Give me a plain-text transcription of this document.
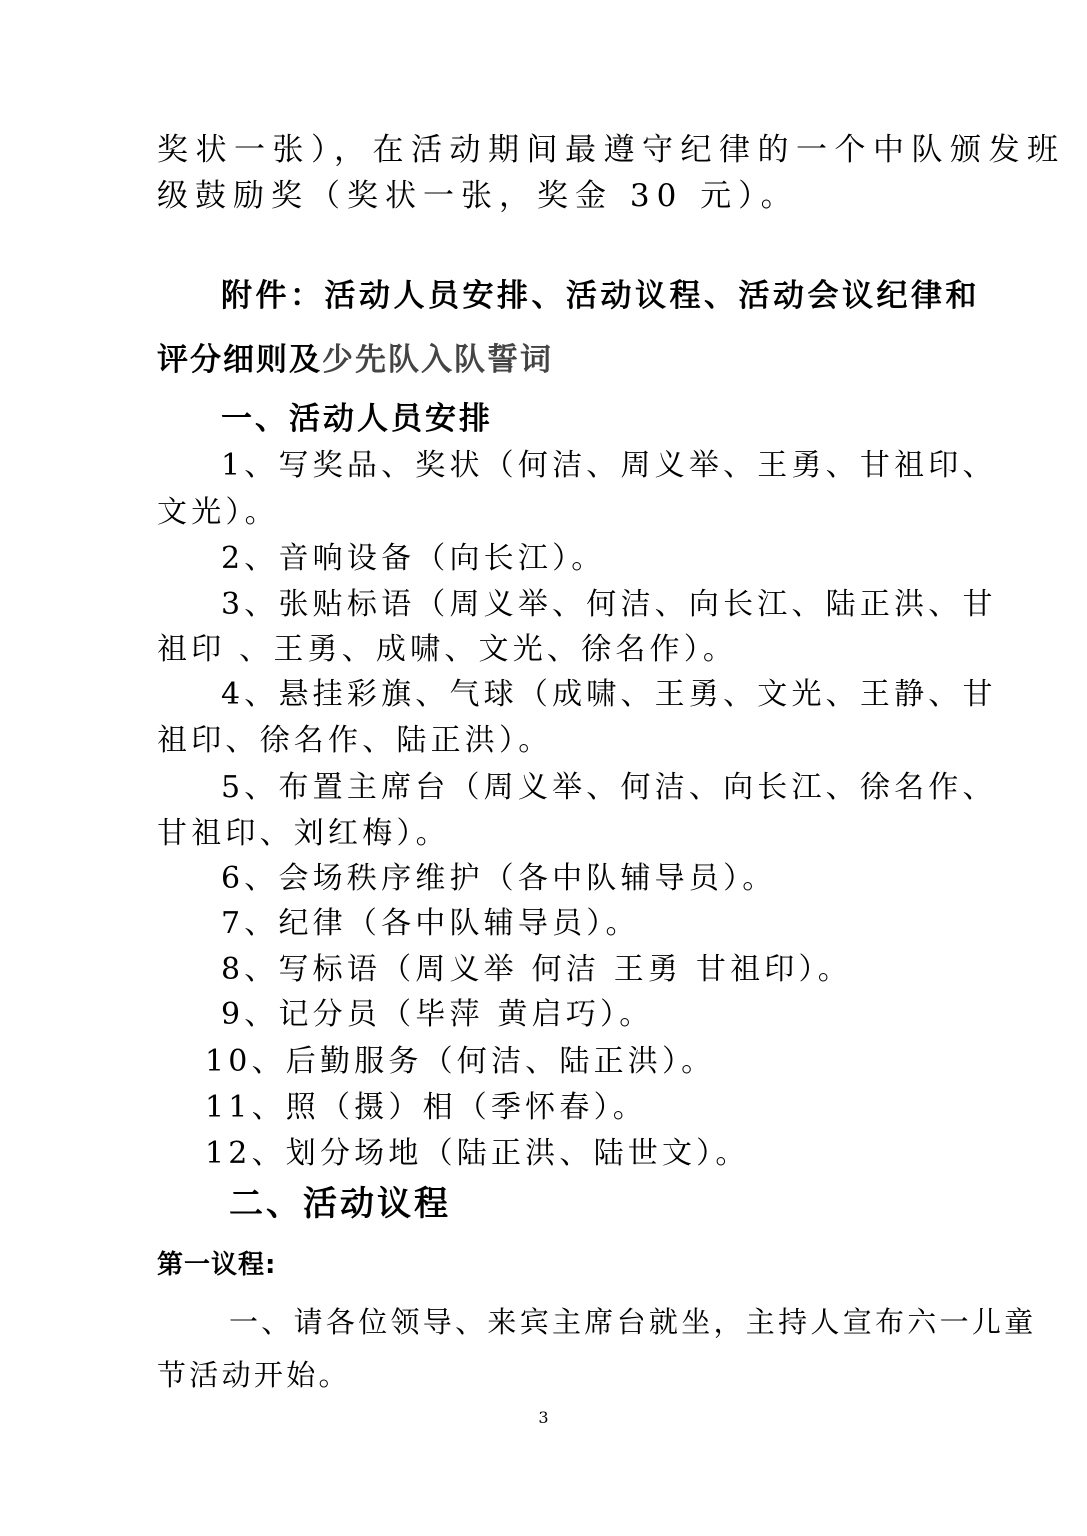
奖状一张），在活动期间最遵守纪律的一个中队颁发班
级鼓励奖（奖状一张，奖金 30 元）。
附件：活动人员安排、活动议程、活动会议纪律和
评分细则及少先队入队誓词
一、活动人员安排
1、写奖品、奖状（何洁、周义举、王勇、甘祖印、
文光）。
2、音响设备（向长江）。
3、张贴标语（周义举、何洁、向长江、陆正洪、甘
祖印 、王勇、成啸、文光、徐名作）。
4、悬挂彩旗、气球（成啸、王勇、文光、王静、甘
祖印、徐名作、陆正洪）。
5、布置主席台（周义举、何洁、向长江、徐名作、
甘祖印、刘红梅）。
6、会场秩序维护（各中队辅导员）。
7、纪律（各中队辅导员）。
8、写标语（周义举 何洁 王勇 甘祖印）。
9、记分员（毕萍 黄启巧）。
10、后勤服务（何洁、陆正洪）。
11、照（摄）相（季怀春）。
12、划分场地（陆正洪、陆世文）。
二、活动议程
第一议程:
一、请各位领导、来宾主席台就坐，主持人宣布六一儿童
节活动开始。
3
